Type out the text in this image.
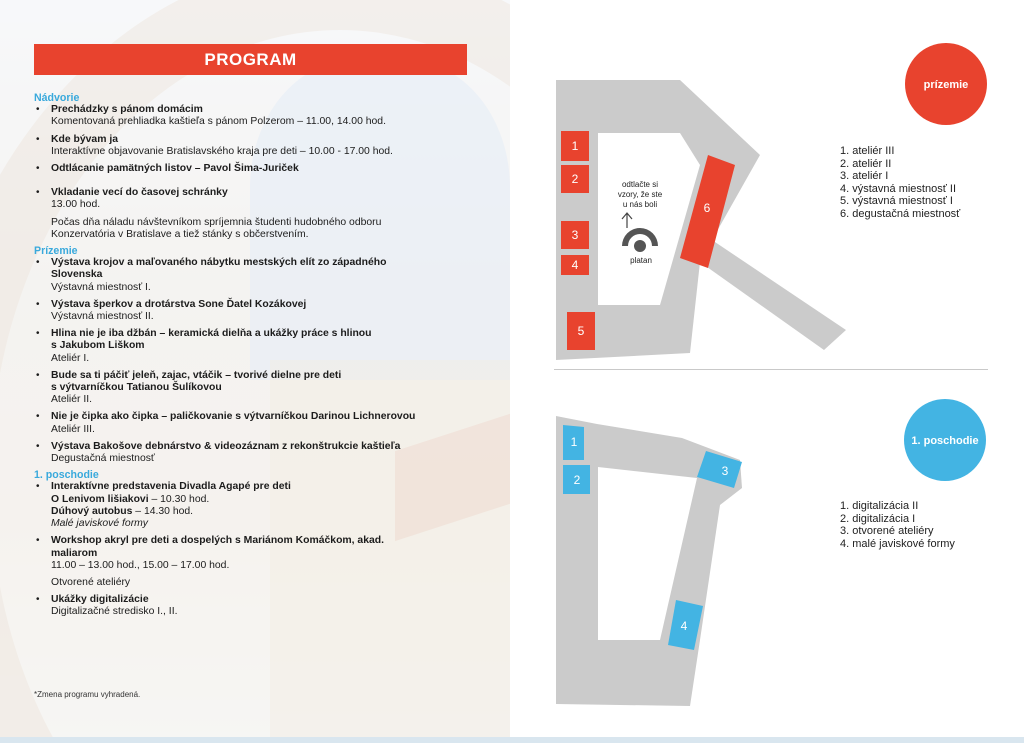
PROGRAM

Nádvorie

• Prechádzky s pánom domácim
Komentovaná prehliadka kaštieľa s pánom Polzerom – 11.00, 14.00 hod.
• Kde bývam ja
Interaktívne objavovanie Bratislavského kraja pre deti – 10.00 - 17.00 hod.
• Odtlácanie pamätných listov – Pavol Šima-Juriček
• Vkladanie vecí do časovej schránky
13.00 hod.
Počas dňa náladu návštevníkom spríjemnia študenti hudobného odboru
Konzervatória v Bratislave a tiež stánky s občerstvením.

Prízemie

• Výstava krojov a maľovaného nábytku mestských elít zo západného
Slovenska
Výstavná miestnosť I.
• Výstava šperkov a drotárstva Sone Ďatel Kozákovej
Výstavná miestnosť II.
• Hlina nie je iba džbán – keramická dielňa a ukážky práce s hlinou
s Jakubom Liškom
Ateliér I.
• Bude sa ti páčiť jeleň, zajac, vtáčik – tvorivé dielne pre deti
s výtvarníčkou Tatianou Šulíkovou
Ateliér II.
• Nie je čipka ako čipka – paličkovanie s výtvarníčkou Darinou Lichnerovou
Ateliér III.
• Výstava Bakošove debnárstvo & videozáznam z rekonštrukcie kaštieľa
Degustačná miestnosť

1. poschodie

• Interaktívne predstavenia Divadla Agapé pre deti
O Lenivom lišiakovi – 10.30 hod.
Dúhový autobus – 14.30 hod.
Malé javiskové formy
• Workshop akryl pre deti a dospelých s Mariánom Komáčkom, akad.
maliarom
11.00 – 13.00 hod., 15.00 – 17.00 hod.
Otvorené ateliéry
• Ukážky digitalizácie
Digitalizačné stredisko I., II.
*Zmena programu vyhradená.
1
2
3
4
5
6
odtlačte si
vzory, že ste
u nás boli
platan
prízemie
1
2
3
4
1. poschodie
1. ateliér III
2. ateliér II
3. ateliér I
4. výstavná miestnosť II
5. výstavná miestnosť I
6. degustačná miestnosť
1. digitalizácia II
2. digitalizácia I
3. otvorené ateliéry
4. malé javiskové formy
